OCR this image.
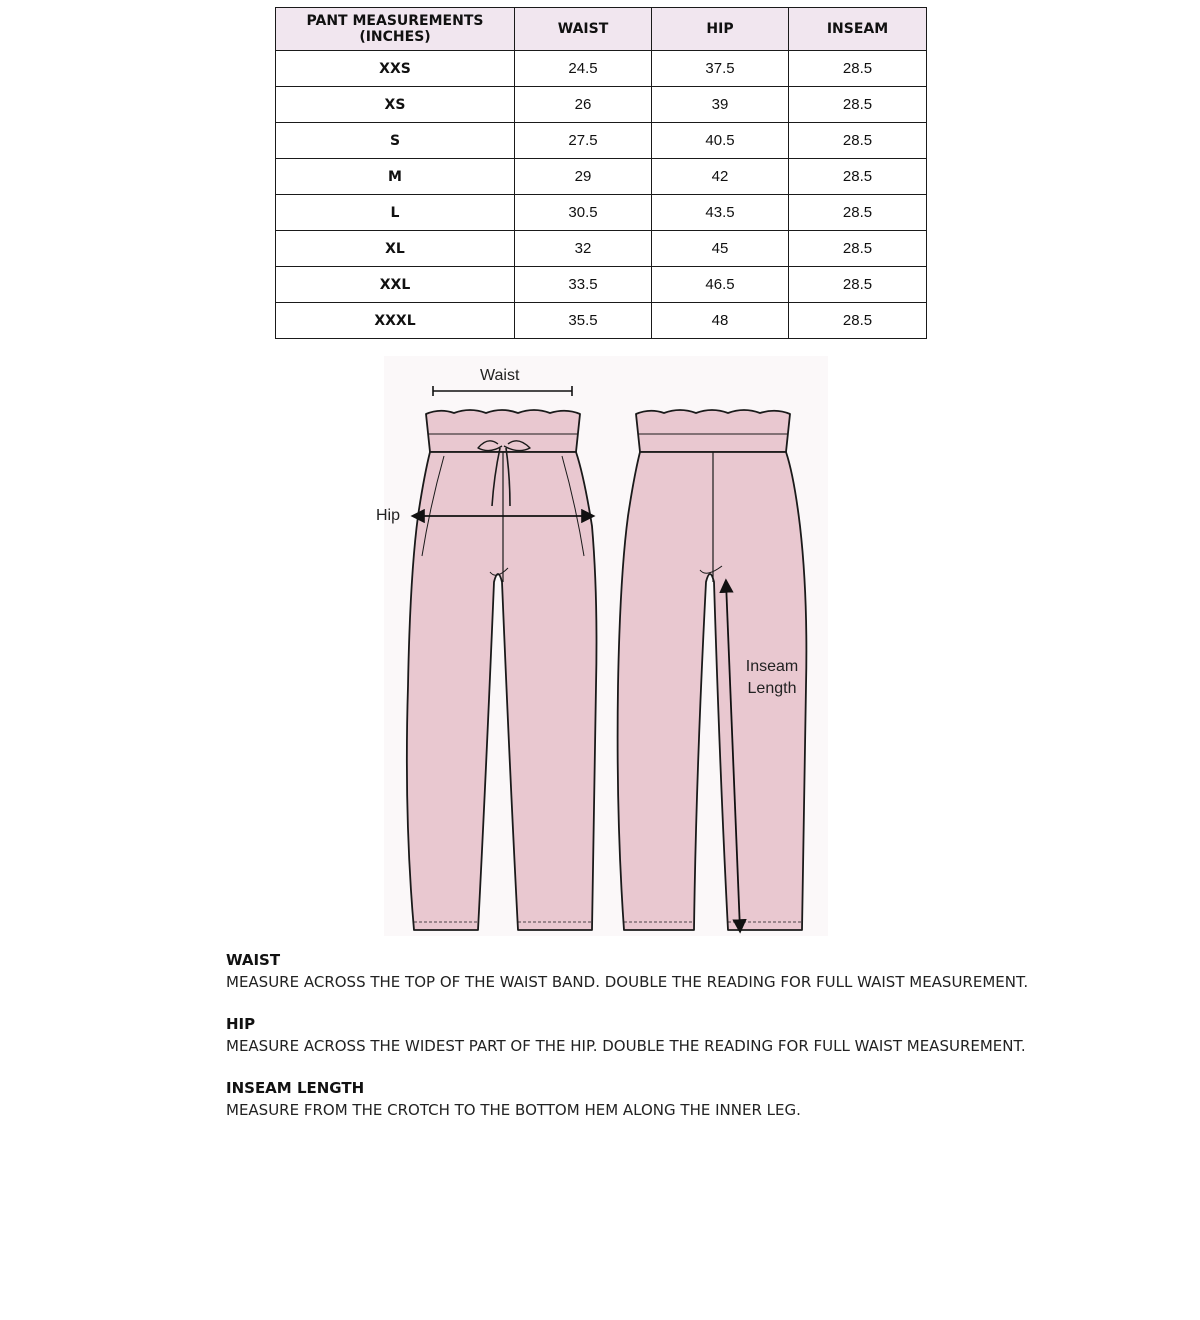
PANT MEASUREMENTS (INCHES)	WAIST	HIP	INSEAM
XXS	24.5	37.5	28.5
XS	26	39	28.5
S	27.5	40.5	28.5
M	29	42	28.5
L	30.5	43.5	28.5
XL	32	45	28.5
XXL	33.5	46.5	28.5
XXXL	35.5	48	28.5
Waist
Hip
Inseam
Length
WAIST
MEASURE ACROSS THE TOP OF THE WAIST BAND. DOUBLE THE READING FOR FULL WAIST MEASUREMENT.
HIP
MEASURE ACROSS THE WIDEST PART OF THE HIP. DOUBLE THE READING FOR FULL WAIST MEASUREMENT.
INSEAM LENGTH
MEASURE FROM THE CROTCH TO THE BOTTOM HEM ALONG THE INNER LEG.
